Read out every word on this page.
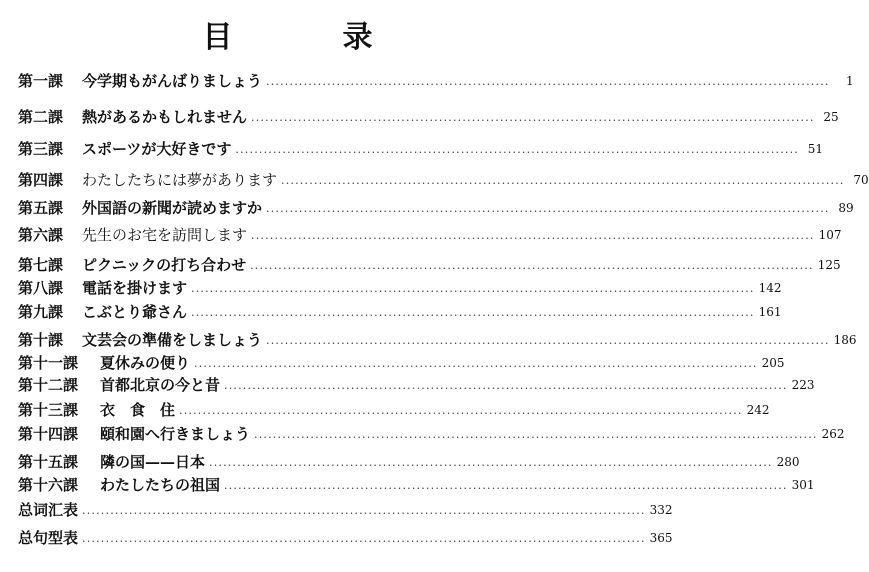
目　录
第一課	今学期もがんばりましょう ........................................................................................................................	1
第二課	熱があるかもしれません ........................................................................................................................ 25
第三課	スポーツが大好きです ........................................................................................................................ 51
第四課	わたしたちには夢があります ........................................................................................................................ 70
第五課	外国語の新聞が読めますか ........................................................................................................................ 89
第六課	先生のお宅を訪問します ........................................................................................................................ 107
第七課	ピクニックの打ち合わせ ........................................................................................................................ 125
第八課	電話を掛けます ........................................................................................................................ 142
第九課	こぶとり爺さん ........................................................................................................................ 161
第十課	文芸会の準備をしましょう ........................................................................................................................ 186
第十一課	夏休みの便り ........................................................................................................................ 205
第十二課	首都北京の今と昔 ........................................................................................................................ 223
第十三課	衣　食　住 ........................................................................................................................ 242
第十四課	頤和園へ行きましょう ........................................................................................................................ 262
第十五課	隣の国——日本 ........................................................................................................................ 280
第十六課	わたしたちの祖国 ........................................................................................................................ 301
总词汇表 ........................................................................................................................ 332
总句型表 ........................................................................................................................ 365
